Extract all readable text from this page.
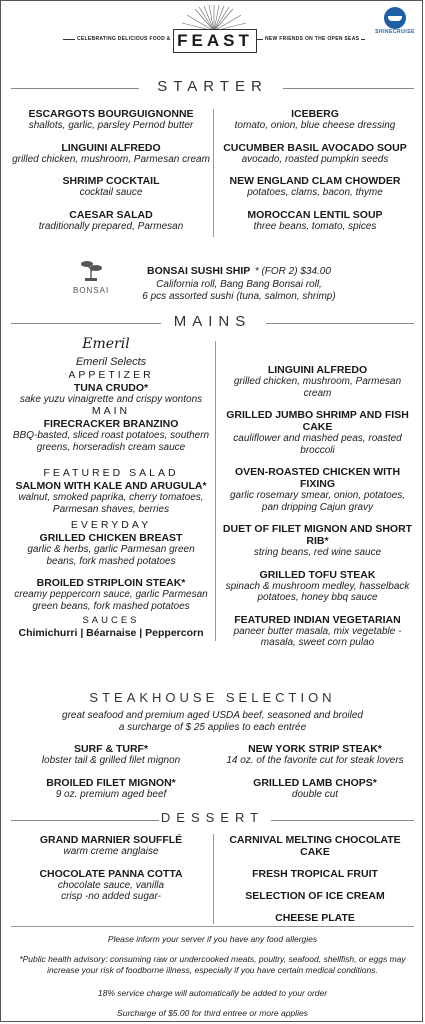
CELEBRATING DELICIOUS FOOD & FEAST	NEW FRIENDS ON THE OPEN SEAS
SHINECRUISE
STARTER
ESCARGOTS BOURGUIGNONNE
shallots, garlic, parsley Pernod butter
LINGUINI ALFREDO
grilled chicken, mushroom, Parmesan cream
SHRIMP COCKTAIL
cocktail sauce
CAESAR SALAD
traditionally prepared, Parmesan
ICEBERG
tomato, onion, blue cheese dressing
CUCUMBER BASIL AVOCADO SOUP
avocado, roasted pumpkin seeds
NEW ENGLAND CLAM CHOWDER
potatoes, clams, bacon, thyme
MOROCCAN LENTIL SOUP
three beans, tomato, spices
BONSAI
BONSAI SUSHI SHIP * (FOR 2) $34.00
California roll, Bang Bang Bonsai roll,
6 pcs assorted sushi (tuna, salmon, shrimp)
MAINS
Emeril
Emeril Selects
APPETIZER
TUNA CRUDO*
sake yuzu vinaigrette and crispy wontons
MAIN
FIRECRACKER BRANZINO
BBQ-basted, sliced roast potatoes, southern greens, horseradish cream sauce
FEATURED SALAD
SALMON WITH KALE AND ARUGULA*
walnut, smoked paprika, cherry tomatoes, Parmesan shaves, berries
EVERYDAY
GRILLED CHICKEN BREAST
garlic & herbs, garlic Parmesan green beans, fork mashed potatoes
BROILED STRIPLOIN STEAK*
creamy peppercorn sauce, garlic Parmesan green beans, fork mashed potatoes
SAUCES
Chimichurri | Béarnaise | Peppercorn
LINGUINI ALFREDO
grilled chicken, mushroom, Parmesan cream
GRILLED JUMBO SHRIMP AND FISH CAKE
cauliflower and mashed peas, roasted broccoli
OVEN-ROASTED CHICKEN WITH FIXING
garlic rosemary smear, onion, potatoes, pan dripping Cajun gravy
DUET OF FILET MIGNON AND SHORT RIB*
string beans, red wine sauce
GRILLED TOFU STEAK
spinach & mushroom medley, hasselback potatoes, honey bbq sauce
FEATURED INDIAN VEGETARIAN
paneer butter masala, mix vegetable - masala, sweet corn pulao
STEAKHOUSE SELECTION
great seafood and premium aged USDA beef, seasoned and broiled
a surcharge of $ 25 applies to each entrée
SURF & TURF*
lobster tail & grilled filet mignon
BROILED FILET MIGNON*
9 oz. premium aged beef
NEW YORK STRIP STEAK*
14 oz. of the favorite cut for steak lovers
GRILLED LAMB CHOPS*
double cut
DESSERT
GRAND MARNIER SOUFFLÉ
warm creme anglaise
CHOCOLATE PANNA COTTA
chocolate sauce, vanilla crisp -no added sugar-
CARNIVAL MELTING CHOCOLATE CAKE
FRESH TROPICAL FRUIT
SELECTION OF ICE CREAM
CHEESE PLATE
Please inform your server if you have any food allergies
*Public health advisory: consuming raw or undercooked meats, poultry, seafood, shellfish, or eggs may increase your risk of foodborne illness, especially if you have certain medical conditions.
18% service charge will automatically be added to your order
Surcharge of $5.00 for third entree or more applies
